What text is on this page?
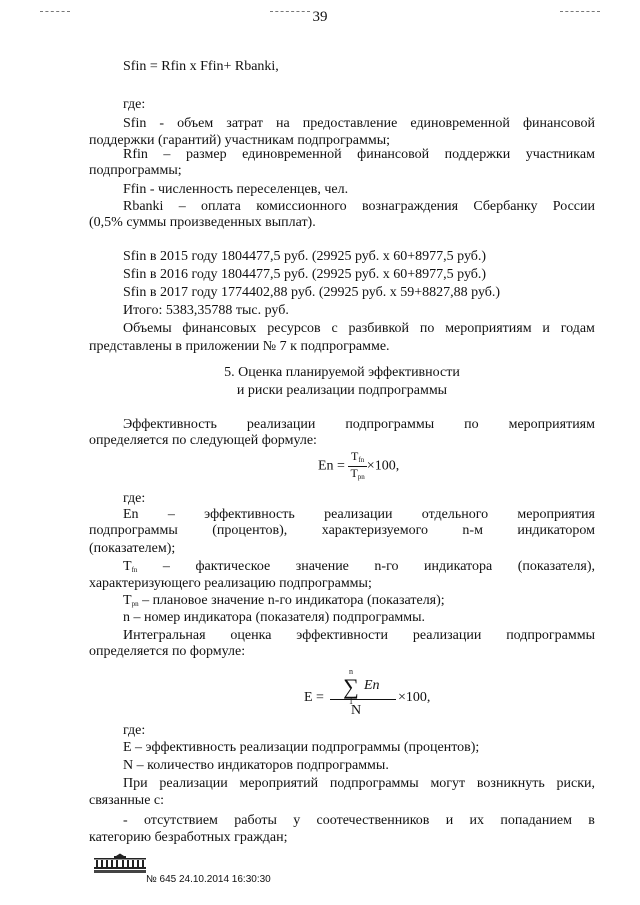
39
Sfin = Rfin x Ffin+ Rbanki,
где:
Sfin - объем затрат на предоставление единовременной финансовой
поддержки (гарантий) участникам подпрограммы;
Rfin – размер единовременной финансовой поддержки участникам
подпрограммы;
Ffin - численность переселенцев, чел.
Rbanki – оплата комиссионного вознаграждения Сбербанку России
(0,5% суммы произведенных выплат).
Sfin в 2015 году 1804477,5 руб. (29925 руб. х 60+8977,5 руб.)
Sfin в 2016 году 1804477,5 руб. (29925 руб. х 60+8977,5 руб.)
Sfin в 2017 году 1774402,88 руб. (29925 руб. х 59+8827,88 руб.)
Итого: 5383,35788 тыс. руб.
Объемы финансовых ресурсов с разбивкой по мероприятиям и годам
представлены в приложении № 7 к подпрограмме.
5. Оценка планируемой эффективности
и риски реализации подпрограммы
Эффективность реализации подпрограммы по мероприятиям
определяется по следующей формуле:
$En = \frac{T_{fn}}{T_{pn}} \times 100$,
где:
En – эффективность реализации отдельного мероприятия
подпрограммы (процентов), характеризуемого n-м индикатором
(показателем);
$T_{fn}$ – фактическое значение n-го индикатора (показателя),
характеризующего реализацию подпрограммы;
$T_{pn}$ – плановое значение n-го индикатора (показателя);
n – номер индикатора (показателя) подпрограммы.
Интегральная оценка эффективности реализации подпрограммы
определяется по формуле:
E =
n
∑
1
En
N
×100,
где:
E – эффективность реализации подпрограммы (процентов);
N – количество индикаторов подпрограммы.
При реализации мероприятий подпрограммы могут возникнуть риски,
связанные с:
- отсутствием работы у соотечественников и их попаданием в
категорию безработных граждан;
№ 645 24.10.2014 16:30:30
